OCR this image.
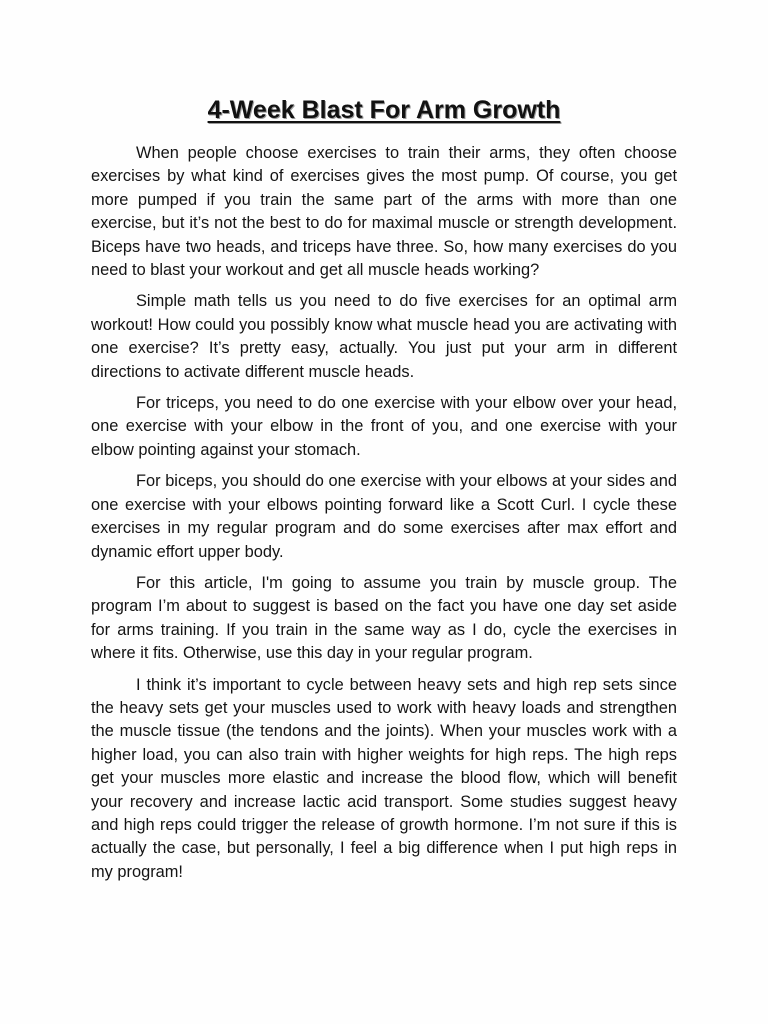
4-Week Blast For Arm Growth

When people choose exercises to train their arms, they often choose exercises by what kind of exercises gives the most pump. Of course, you get more pumped if you train the same part of the arms with more than one exercise, but it’s not the best to do for maximal muscle or strength development. Biceps have two heads, and triceps have three. So, how many exercises do you need to blast your workout and get all muscle heads working?

Simple math tells us you need to do five exercises for an optimal arm workout! How could you possibly know what muscle head you are activating with one exercise? It’s pretty easy, actually. You just put your arm in different directions to activate different muscle heads.

For triceps, you need to do one exercise with your elbow over your head, one exercise with your elbow in the front of you, and one exercise with your elbow pointing against your stomach.

For biceps, you should do one exercise with your elbows at your sides and one exercise with your elbows pointing forward like a Scott Curl. I cycle these exercises in my regular program and do some exercises after max effort and dynamic effort upper body.

For this article, I'm going to assume you train by muscle group. The program I’m about to suggest is based on the fact you have one day set aside for arms training. If you train in the same way as I do, cycle the exercises in where it fits. Otherwise, use this day in your regular program.

I think it’s important to cycle between heavy sets and high rep sets since the heavy sets get your muscles used to work with heavy loads and strengthen the muscle tissue (the tendons and the joints). When your muscles work with a higher load, you can also train with higher weights for high reps. The high reps get your muscles more elastic and increase the blood flow, which will benefit your recovery and increase lactic acid transport. Some studies suggest heavy and high reps could trigger the release of growth hormone. I’m not sure if this is actually the case, but personally, I feel a big difference when I put high reps in my program!
